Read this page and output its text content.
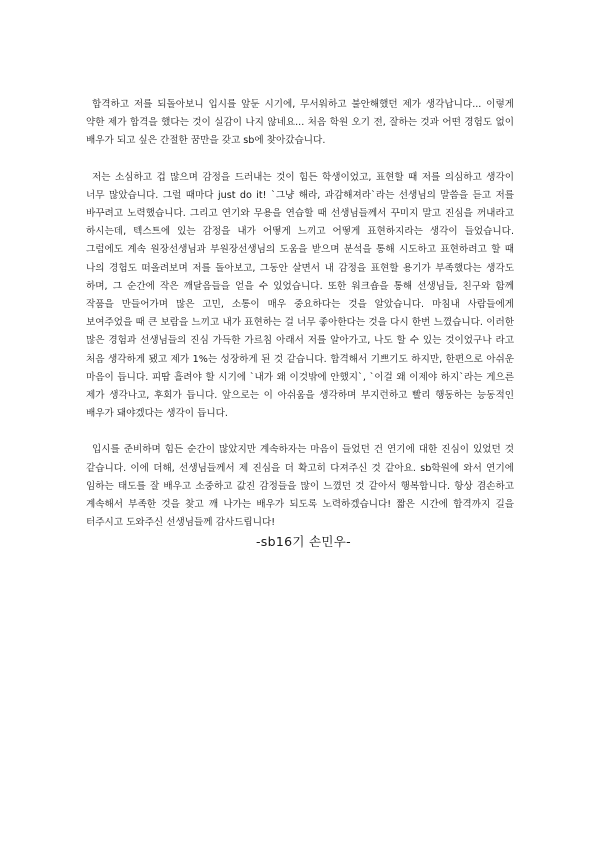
합격하고 저를 되돌아보니 입시를 앞둔 시기에, 무서워하고 불안해했던 제가 생각납니다... 이렇게 약한 제가 합격을 했다는 것이 실감이 나지 않네요... 처음 학원 오기 전, 잘하는 것과 어떤 경험도 없이 배우가 되고 싶은 간절한 꿈만을 갖고 sb에 찾아갔습니다.

저는 소심하고 겁 많으며 감정을 드러내는 것이 힘든 학생이었고, 표현할 때 저를 의심하고 생각이 너무 많았습니다. 그럴 때마다 just do it! `그냥 해라, 과감해져라`라는 선생님의 말씀을 듣고 저를 바꾸려고 노력했습니다. 그리고 연기와 무용을 연습할 때 선생님들께서 꾸미지 말고 진심을 꺼내라고 하시는데, 텍스트에 있는 감정을 내가 어떻게 느끼고 어떻게 표현하지라는 생각이 들었습니다. 그럼에도 계속 원장선생님과 부원장선생님의 도움을 받으며 분석을 통해 시도하고 표현하려고 할 때 나의 경험도 떠올려보며 저를 돌아보고, 그동안 살면서 내 감정을 표현할 용기가 부족했다는 생각도 하며, 그 순간에 작은 깨달음들을 얻을 수 있었습니다. 또한 워크숍을 통해 선생님들, 친구와 함께 작품을 만들어가며 많은 고민, 소통이 매우 중요하다는 것을 알았습니다. 마침내 사람들에게 보여주었을 때 큰 보람을 느끼고 내가 표현하는 걸 너무 좋아한다는 것을 다시 한번 느꼈습니다. 이러한 많은 경험과 선생님들의 진심 가득한 가르침 아래서 저를 알아가고, 나도 할 수 있는 것이었구나 라고 처음 생각하게 됐고 제가 1%는 성장하게 된 것 같습니다. 합격해서 기쁘기도 하지만, 한편으로 아쉬운 마음이 듭니다. 피땀 흘려야 할 시기에 `내가 왜 이것밖에 안했지`, `이걸 왜 이제야 하지`라는 게으른 제가 생각나고, 후회가 듭니다. 앞으로는 이 아쉬움을 생각하며 부지런하고 빨리 행동하는 능동적인 배우가 돼야겠다는 생각이 듭니다.

입시를 준비하며 힘든 순간이 많았지만 계속하자는 마음이 들었던 건 연기에 대한 진심이 있었던 것 같습니다. 이에 더해, 선생님들께서 제 진심을 더 확고히 다져주신 것 같아요. sb학원에 와서 연기에 임하는 태도를 잘 배우고 소중하고 값진 감정들을 많이 느꼈던 것 같아서 행복합니다. 항상 겸손하고 계속해서 부족한 것을 찾고 깨 나가는 배우가 되도록 노력하겠습니다! 짧은 시간에 합격까지 길을 터주시고 도와주신 선생님들께 감사드립니다!

-sb16기 손민우-
